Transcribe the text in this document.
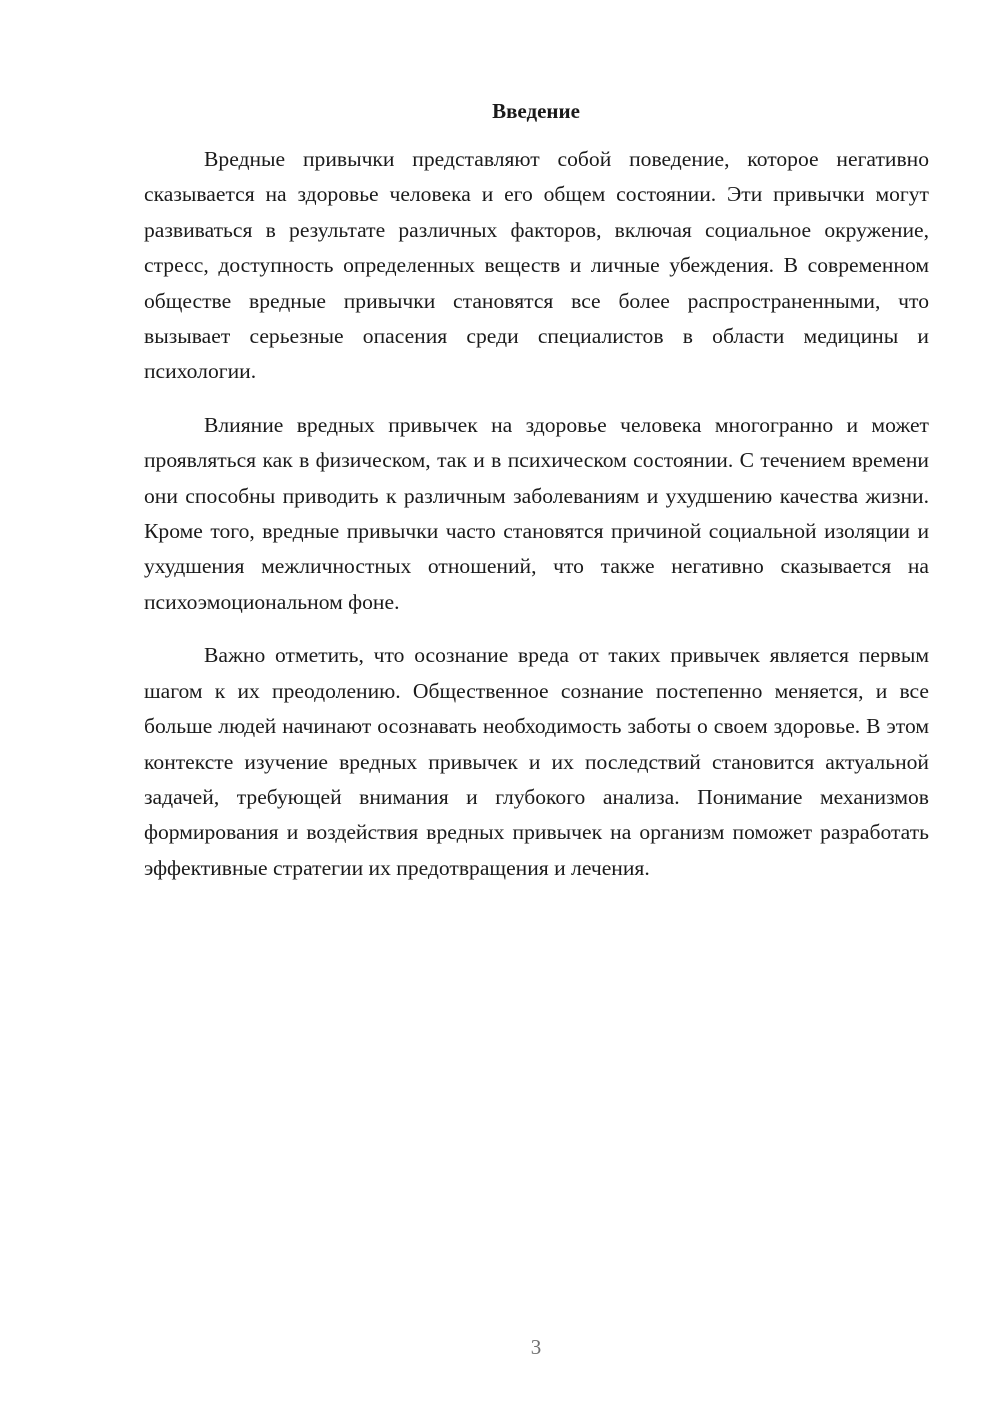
Введение

Вредные привычки представляют собой поведение, которое негативно сказывается на здоровье человека и его общем состоянии. Эти привычки могут развиваться в результате различных факторов, включая социальное окружение, стресс, доступность определенных веществ и личные убеждения. В современном обществе вредные привычки становятся все более распространенными, что вызывает серьезные опасения среди специалистов в области медицины и психологии.

Влияние вредных привычек на здоровье человека многогранно и может проявляться как в физическом, так и в психическом состоянии. С течением времени они способны приводить к различным заболеваниям и ухудшению качества жизни. Кроме того, вредные привычки часто становятся причиной социальной изоляции и ухудшения межличностных отношений, что также негативно сказывается на психоэмоциональном фоне.

Важно отметить, что осознание вреда от таких привычек является первым шагом к их преодолению. Общественное сознание постепенно меняется, и все больше людей начинают осознавать необходимость заботы о своем здоровье. В этом контексте изучение вредных привычек и их последствий становится актуальной задачей, требующей внимания и глубокого анализа. Понимание механизмов формирования и воздействия вредных привычек на организм поможет разработать эффективные стратегии их предотвращения и лечения.

3
